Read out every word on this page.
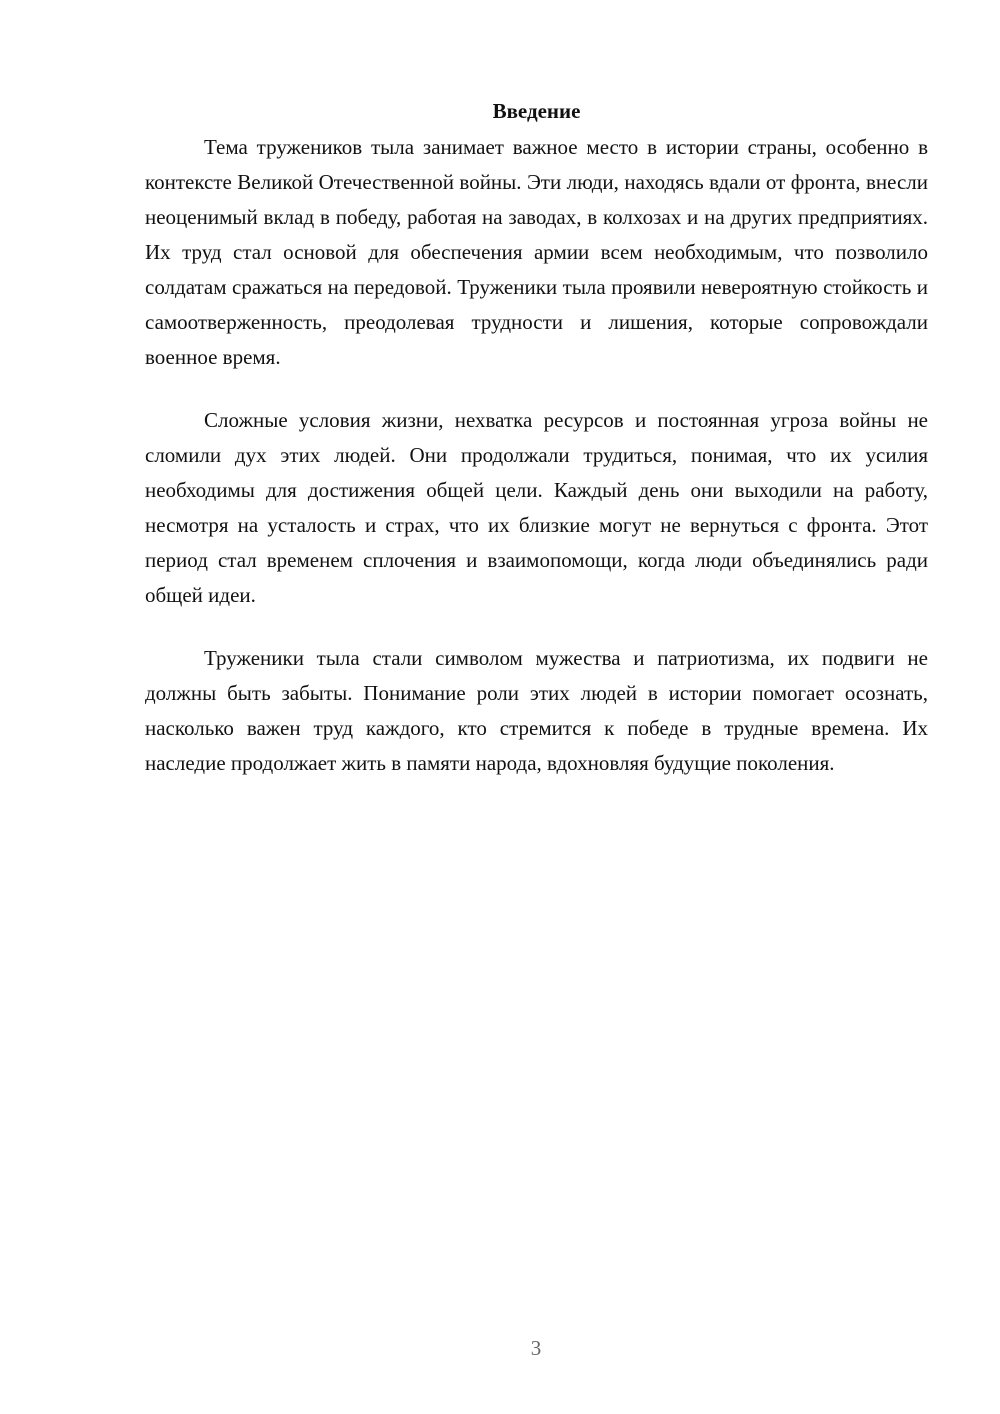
Введение

Тема тружеников тыла занимает важное место в истории страны, особенно в контексте Великой Отечественной войны. Эти люди, находясь вдали от фронта, внесли неоценимый вклад в победу, работая на заводах, в колхозах и на других предприятиях. Их труд стал основой для обеспечения армии всем необходимым, что позволило солдатам сражаться на передовой. Труженики тыла проявили невероятную стойкость и самоотверженность, преодолевая трудности и лишения, которые сопровождали военное время.

Сложные условия жизни, нехватка ресурсов и постоянная угроза войны не сломили дух этих людей. Они продолжали трудиться, понимая, что их усилия необходимы для достижения общей цели. Каждый день они выходили на работу, несмотря на усталость и страх, что их близкие могут не вернуться с фронта. Этот период стал временем сплочения и взаимопомощи, когда люди объединялись ради общей идеи.

Труженики тыла стали символом мужества и патриотизма, их подвиги не должны быть забыты. Понимание роли этих людей в истории помогает осознать, насколько важен труд каждого, кто стремится к победе в трудные времена. Их наследие продолжает жить в памяти народа, вдохновляя будущие поколения.

3
